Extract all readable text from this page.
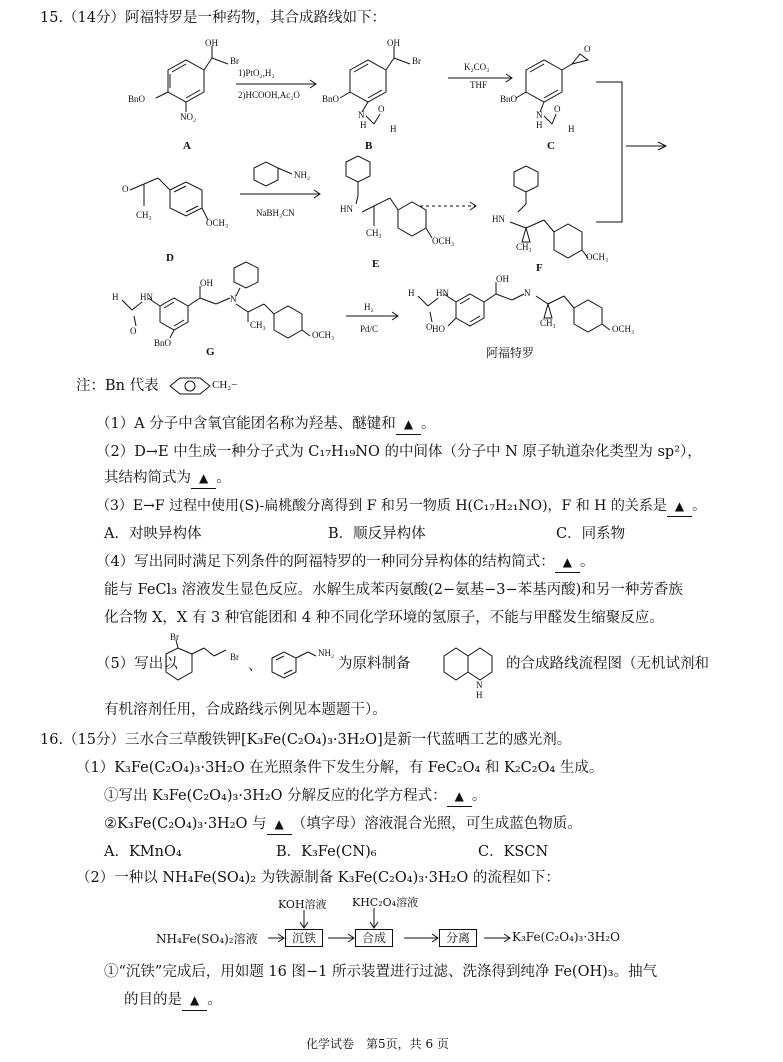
15.（14分）阿福特罗是一种药物，其合成路线如下：
OH
Br
BnO
NO₂
1)PtO₂,H₂
2)HCOOH,Ac₂O
OH
Br
BnO
N
H
O
H
K₂CO₃
THF
O
BnO
N
H
O
H
A	B	C
O
CH₃
OCH₃
NH₂
NaBH₃CN	HN
CH₃
OCH₃
HN
CH₃
OCH₃
D	E	F
H HN
O
OH
N
CH₃
OCH₃
BnO
H₂
Pd/C
H HN
O
OH
N
CH₃
OCH₃
HO
G	阿福特罗
注：Bn 代表	CH₂−
（1）A 分子中含氧官能团名称为羟基、醚键和 ▲ 。
（2）D→E 中生成一种分子式为 C₁₇H₁₉NO 的中间体（分子中 N 原子轨道杂化类型为 sp²），
其结构简式为 ▲ 。
（3）E→F 过程中使用(S)-扁桃酸分离得到 F 和另一物质 H(C₁₇H₂₁NO)，F 和 H 的关系是 ▲ 。
A．对映异构体	B．顺反异构体	C．同系物
（4）写出同时满足下列条件的阿福特罗的一种同分异构体的结构简式： ▲ 。
能与 FeCl₃ 溶液发生显色反应。水解生成苯丙氨酸(2−氨基−3−苯基丙酸)和另一种芳香族
化合物 X，X 有 3 种官能团和 4 种不同化学环境的氢原子，不能与甲醛发生缩聚反应。
（5）写出以
Br
Br
、
NH₂
为原料制备
N
H
的合成路线流程图（无机试剂和
有机溶剂任用，合成路线示例见本题题干）。
16.（15分）三水合三草酸铁钾[K₃Fe(C₂O₄)₃·3H₂O]是新一代蓝晒工艺的感光剂。
（1）K₃Fe(C₂O₄)₃·3H₂O 在光照条件下发生分解，有 FeC₂O₄ 和 K₂C₂O₄ 生成。
①写出 K₃Fe(C₂O₄)₃·3H₂O 分解反应的化学方程式： ▲ 。
②K₃Fe(C₂O₄)₃·3H₂O 与 ▲ （填字母）溶液混合光照，可生成蓝色物质。
A．KMnO₄	B．K₃Fe(CN)₆	C．KSCN
（2）一种以 NH₄Fe(SO₄)₂ 为铁源制备 K₃Fe(C₂O₄)₃·3H₂O 的流程如下：
KOH溶液 KHC₂O₄溶液
NH₄Fe(SO₄)₂溶液	沉铁	合成	分离	K₃Fe(C₂O₄)₃·3H₂O
①“沉铁”完成后，用如题 16 图−1 所示装置进行过滤、洗涤得到纯净 Fe(OH)₃。抽气
的目的是 ▲ 。
化学试卷　第5页，共 6 页
